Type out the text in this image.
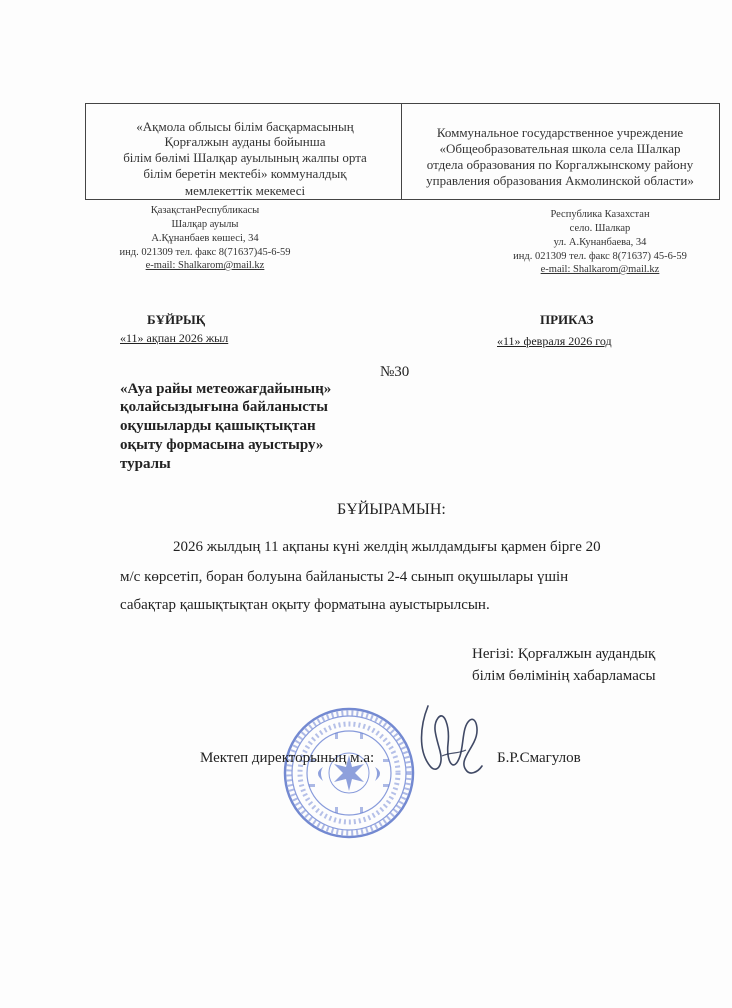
«Ақмола облысы білім басқармасының
Қорғалжын ауданы бойынша
білім бөлімі Шалқар ауылының жалпы орта
білім беретін мектебі» коммуналдық
мемлекеттік мекемесі
Коммунальное государственное учреждение
«Общеобразовательная школа села Шалкар
отдела образования по Коргалжынскому району
управления образования Акмолинской области»
ҚазақстанРеспубликасы
Шалқар ауылы
А.Құнанбаев көшесі, 34
инд. 021309 тел. факс 8(71637)45-6-59
e-mail: Shalkarom@mail.kz
Республика Казахстан
село. Шалкар
ул. А.Кунанбаева, 34
инд. 021309 тел. факс 8(71637) 45-6-59
e-mail: Shalkarom@mail.kz
БҰЙРЫҚ
«11» ақпан 2026 жыл
ПРИКАЗ
«11» февраля 2026 год
№30
«Ауа райы метеожағдайының»
қолайсыздығына байланысты
оқушыларды қашықтықтан
оқыту формасына ауыстыру»
туралы
БҰЙЫРАМЫН:
2026 жылдың 11 ақпаны күні желдің жылдамдығы қармен бірге 20
м/с көрсетіп, боран болуына байланысты 2-4 сынып оқушылары үшін
сабақтар қашықтықтан оқыту форматына ауыстырылсын.
Негізі: Қорғалжын аудандық
білім бөлімінің хабарламасы
Мектеп директорының м.а:	Б.Р.Смагулов
